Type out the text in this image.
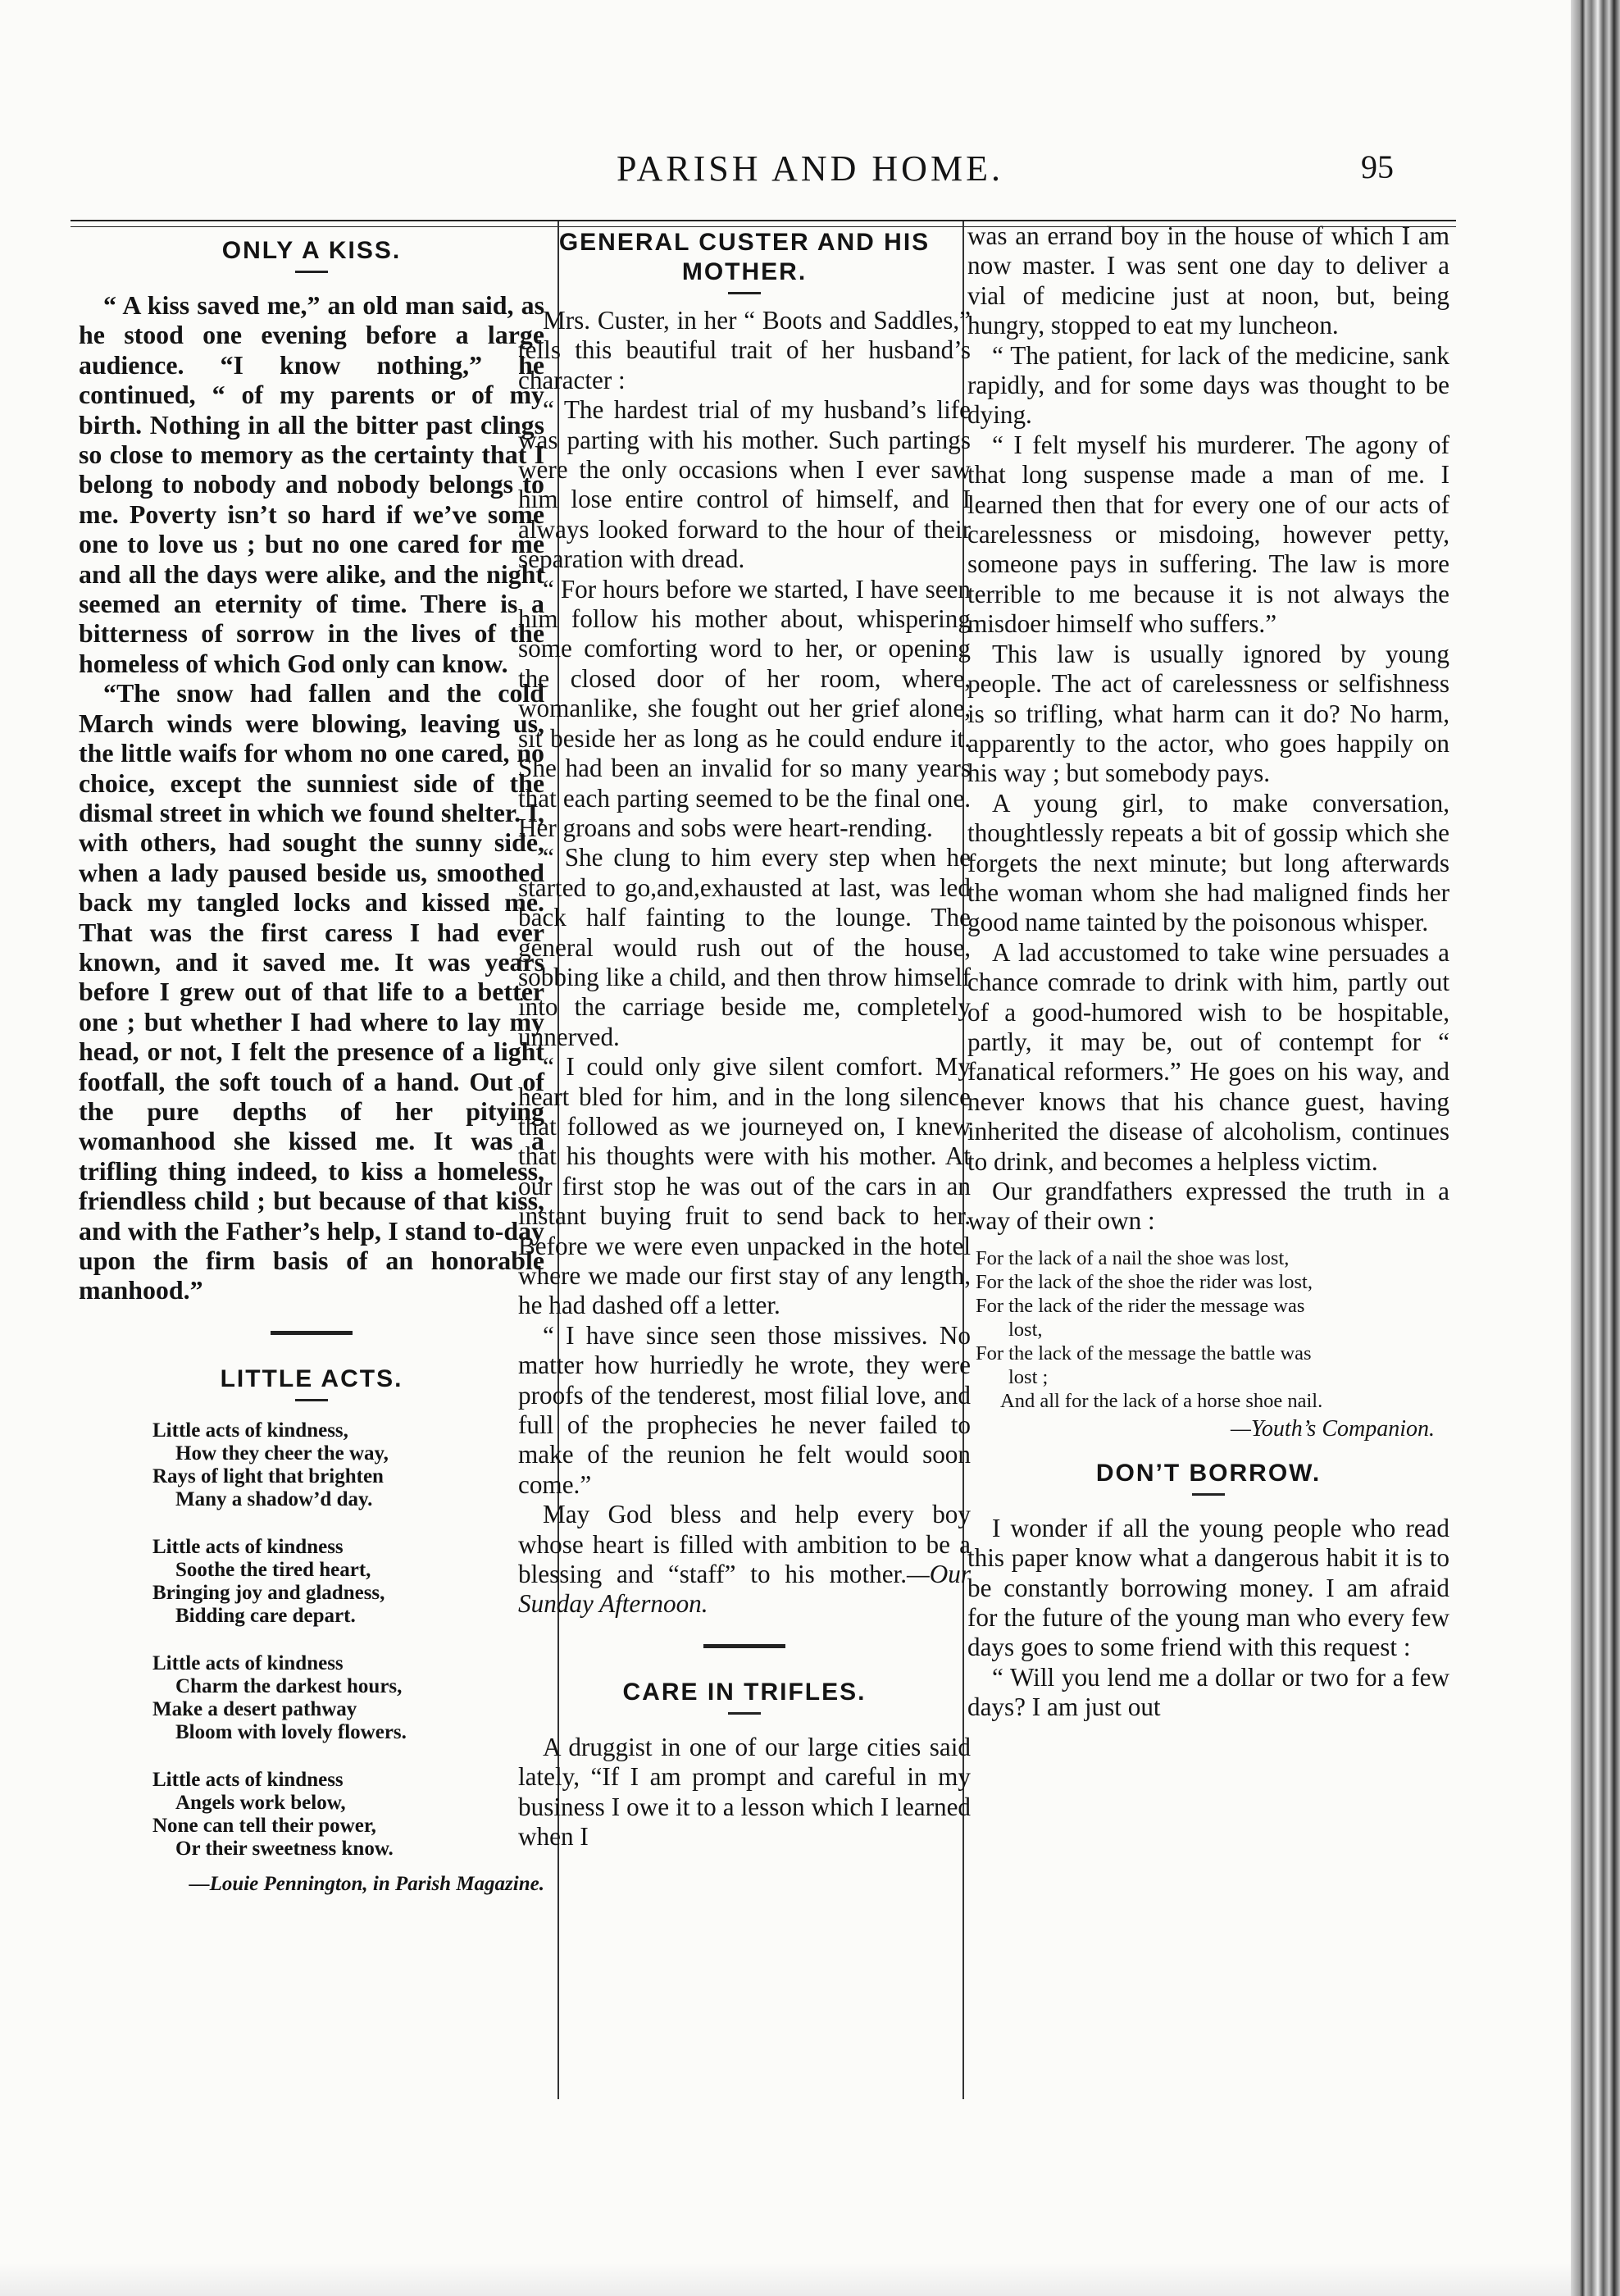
PARISH AND HOME.	95
ONLY A KISS.

“ A kiss saved me,” an old man said, as he stood one evening before a large audience. “I know nothing,” he continued, “ of my parents or of my birth. Nothing in all the bitter past clings so close to memory as the certainty that I belong to nobody and nobody belongs to me. Poverty isn’t so hard if we’ve some one to love us ; but no one cared for me and all the days were alike, and the night seemed an eternity of time. There is a bitterness of sorrow in the lives of the homeless of which God only can know.

“The snow had fallen and the cold March winds were blowing, leaving us, the little waifs for whom no one cared, no choice, except the sunniest side of the dismal street in which we found shelter. I, with others, had sought the sunny side, when a lady paused beside us, smoothed back my tangled locks and kissed me. That was the first caress I had ever known, and it saved me. It was years before I grew out of that life to a better one ; but whether I had where to lay my head, or not, I felt the presence of a light footfall, the soft touch of a hand. Out of the pure depths of her pitying womanhood she kissed me. It was a trifling thing indeed, to kiss a homeless, friendless child ; but because of that kiss, and with the Father’s help, I stand to-day upon the firm basis of an honorable manhood.”

LITTLE ACTS.
Little acts of kindness,
How they cheer the way,
Rays of light that brighten
Many a shadow’d day.
Little acts of kindness
Soothe the tired heart,
Bringing joy and gladness,
Bidding care depart.
Little acts of kindness
Charm the darkest hours,
Make a desert pathway
Bloom with lovely flowers.
Little acts of kindness
Angels work below,
None can tell their power,
Or their sweetness know.
—Louie Pennington, in Parish Magazine.
GENERAL CUSTER AND HIS MOTHER.

Mrs. Custer, in her “ Boots and Saddles,” tells this beautiful trait of her husband’s character :

“ The hardest trial of my husband’s life was parting with his mother. Such partings were the only occasions when I ever saw him lose entire control of himself, and I always looked forward to the hour of their separation with dread.

“ For hours before we started, I have seen him follow his mother about, whispering some comforting word to her, or opening the closed door of her room, where, womanlike, she fought out her grief alone, sit beside her as long as he could endure it. She had been an invalid for so many years that each parting seemed to be the final one. Her groans and sobs were heart-rending.

“ She clung to him every step when he started to go,and,exhausted at last, was led back half fainting to the lounge. The general would rush out of the house, sobbing like a child, and then throw himself into the carriage beside me, completely unnerved.

“ I could only give silent comfort. My heart bled for him, and in the long silence that followed as we journeyed on, I knew that his thoughts were with his mother. At our first stop he was out of the cars in an instant buying fruit to send back to her. Before we were even unpacked in the hotel where we made our first stay of any length, he had dashed off a letter.

“ I have since seen those missives. No matter how hurriedly he wrote, they were proofs of the tenderest, most filial love, and full of the prophecies he never failed to make of the reunion he felt would soon come.”

May God bless and help every boy whose heart is filled with ambition to be a blessing and “staff” to his mother.—Our Sunday Afternoon.

CARE IN TRIFLES.

A druggist in one of our large cities said lately, “If I am prompt and careful in my business I owe it to a lesson which I learned when I

was an errand boy in the house of which I am now master. I was sent one day to deliver a vial of medicine just at noon, but, being hungry, stopped to eat my luncheon.

“ The patient, for lack of the medicine, sank rapidly, and for some days was thought to be dying.

“ I felt myself his murderer. The agony of that long suspense made a man of me. I learned then that for every one of our acts of carelessness or misdoing, however petty, someone pays in suffering. The law is more terrible to me because it is not always the misdoer himself who suffers.”

This law is usually ignored by young people. The act of carelessness or selfishness is so trifling, what harm can it do? No harm, apparently to the actor, who goes happily on his way ; but somebody pays.

A young girl, to make conversation, thoughtlessly repeats a bit of gossip which she forgets the next minute; but long afterwards the woman whom she had maligned finds her good name tainted by the poisonous whisper.

A lad accustomed to take wine persuades a chance comrade to drink with him, partly out of a good-humored wish to be hospitable, partly, it may be, out of contempt for “ fanatical reformers.” He goes on his way, and never knows that his chance guest, having inherited the disease of alcoholism, continues to drink, and becomes a helpless victim.

Our grandfathers expressed the truth in a way of their own :

For the lack of a nail the shoe was lost,
For the lack of the shoe the rider was lost,
For the lack of the rider the message was
lost,
For the lack of the message the battle was
lost ;
And all for the lack of a horse shoe nail.
—Youth’s Companion.
DON’T BORROW.

I wonder if all the young people who read this paper know what a dangerous habit it is to be constantly borrowing money. I am afraid for the future of the young man who every few days goes to some friend with this request :

“ Will you lend me a dollar or two for a few days? I am just out
